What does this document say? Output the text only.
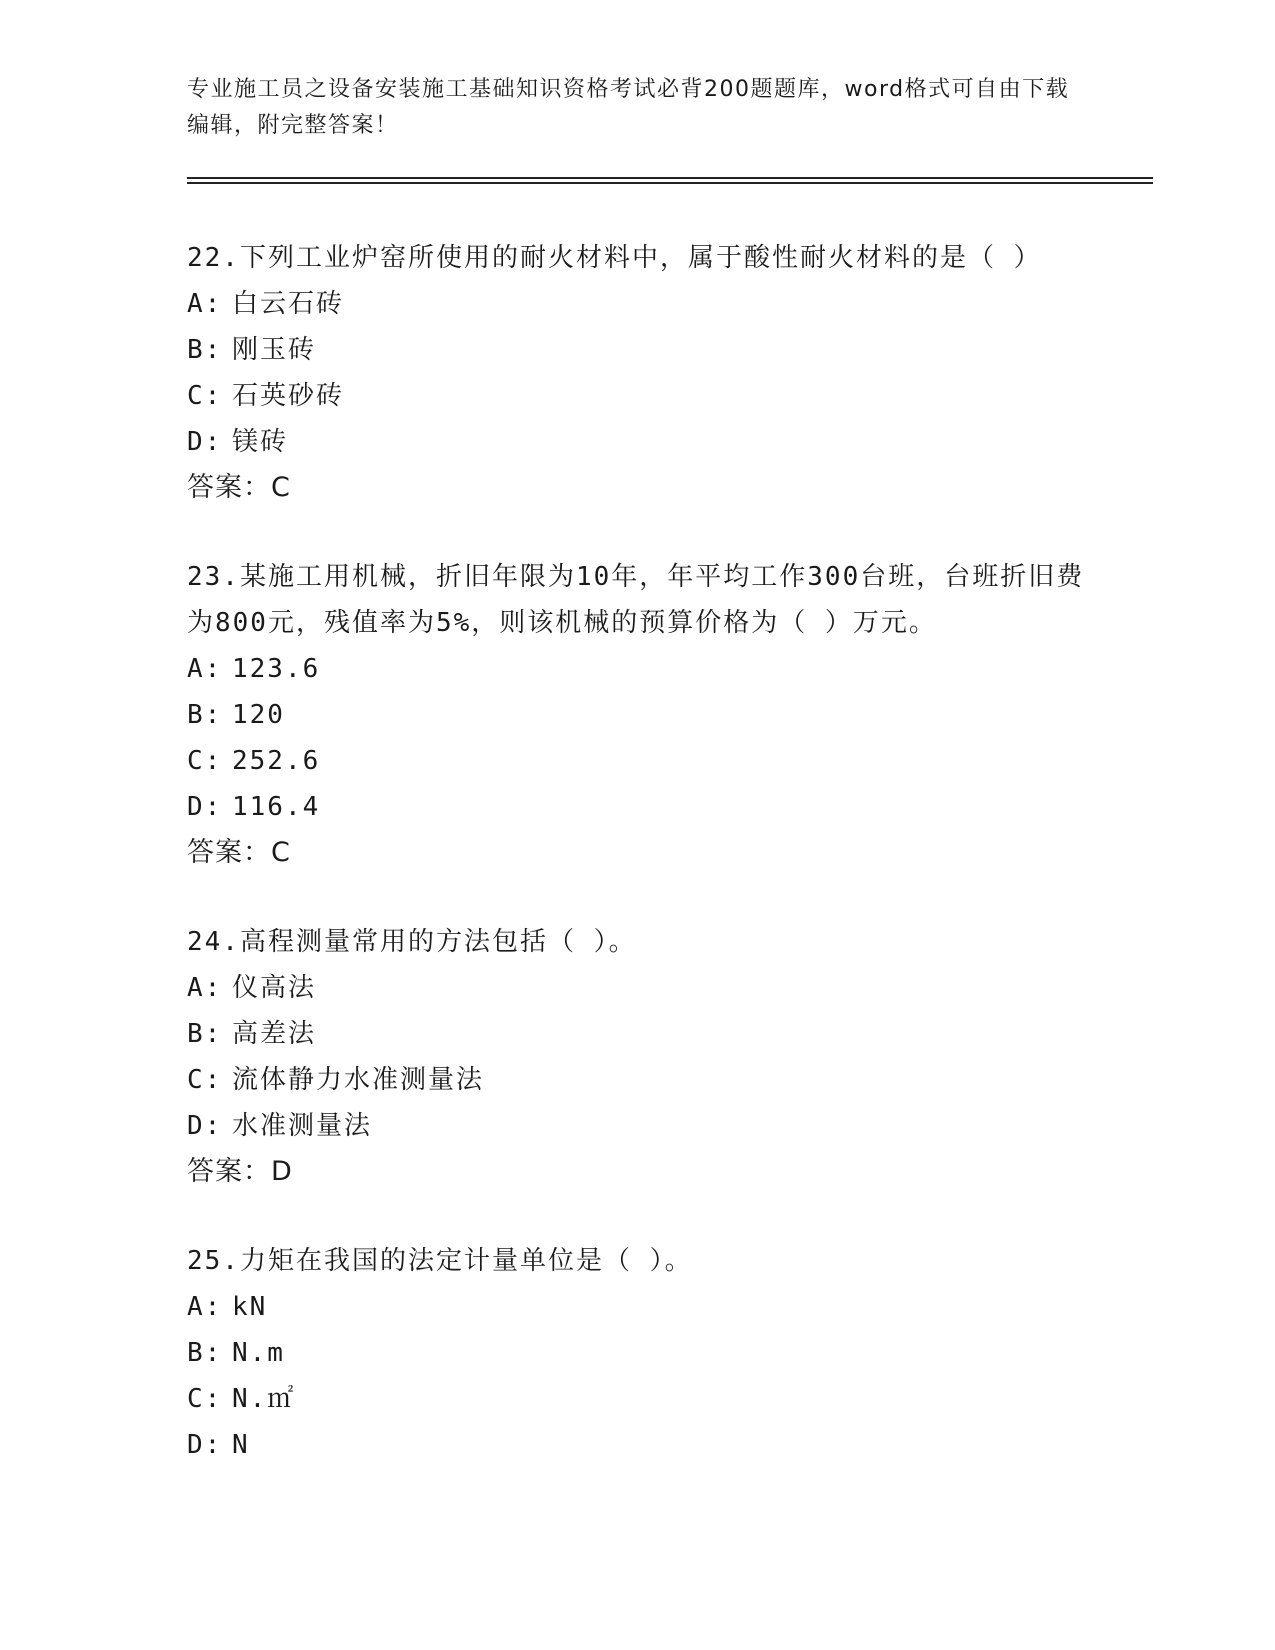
专业施工员之设备安装施工基础知识资格考试必背200题题库，word格式可自由下载编辑，附完整答案！
22.下列工业炉窑所使用的耐火材料中，属于酸性耐火材料的是（ ）
A: 白云石砖
B: 刚玉砖
C: 石英砂砖
D: 镁砖
答案：C
23.某施工用机械，折旧年限为10年，年平均工作300台班，台班折旧费为800元，残值率为5%，则该机械的预算价格为（ ）万元。
A: 123.6
B: 120
C: 252.6
D: 116.4
答案：C
24.高程测量常用的方法包括（ ）。
A: 仪高法
B: 高差法
C: 流体静力水准测量法
D: 水准测量法
答案：D
25.力矩在我国的法定计量单位是（ ）。
A: kN
B: N.m
C: N.㎡
D: N
